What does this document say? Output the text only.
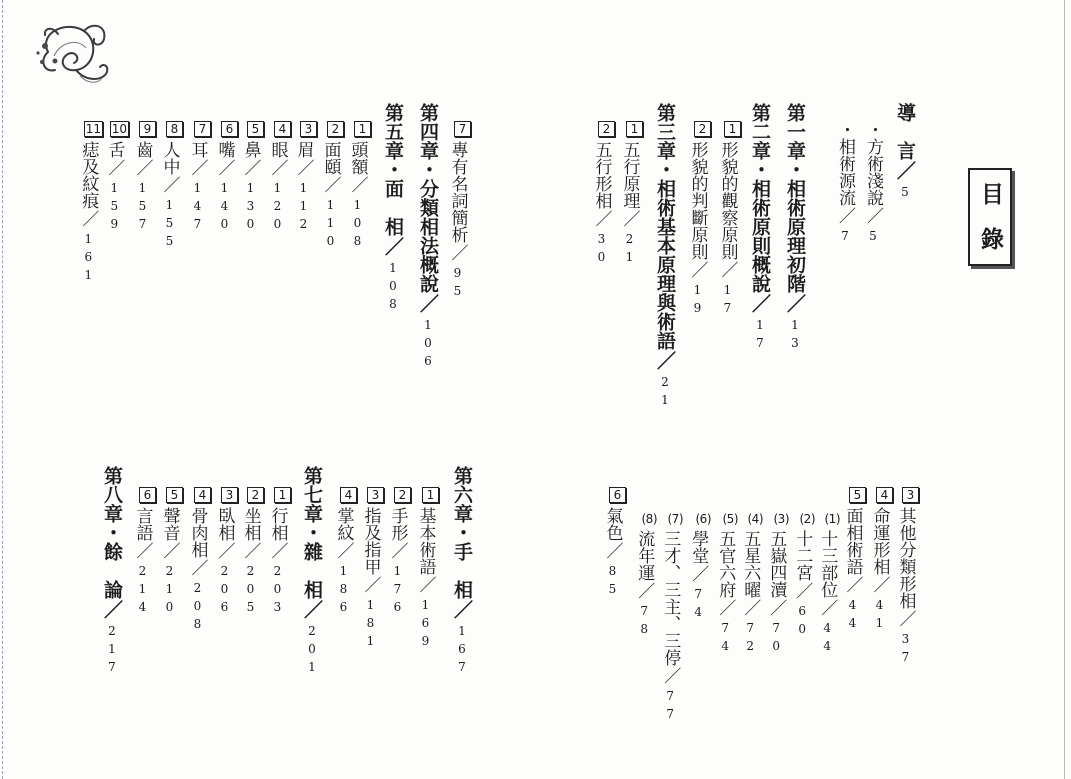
目錄
導　言／5
・方術淺說／5
・相術源流／7
第一章・相術原理初階／13
第二章・相術原則概說／17
1形貌的觀察原則／17
2形貌的判斷原則／19
第三章・相術基本原理與術語／21
1五行原理／21
2五行形相／30
3其他分類形相／37
4命運形相／41
5面相術語／44
(1)十三部位／44
(2)十二宮／60
(3)五嶽四瀆／70
(4)五星六曜／72
(5)五官六府／74
(6)學堂／74
(7)三才、三主、三停／77
(8)流年運／78
6氣色／85
7專有名詞簡析／95
第四章・分類相法概說／106
第五章・面　相／108
1頭額／108
2面頤／110
3眉／112
4眼／120
5鼻／130
6嘴／140
7耳／147
8人中／155
9齒／157
10舌／159
11痣及紋痕／161
第六章・手　相／167
1基本術語／169
2手形／176
3指及指甲／181
4掌紋／186
第七章・雜　相／201
1行相／203
2坐相／205
3臥相／206
4骨肉相／208
5聲音／210
6言語／214
第八章・餘　論／217
